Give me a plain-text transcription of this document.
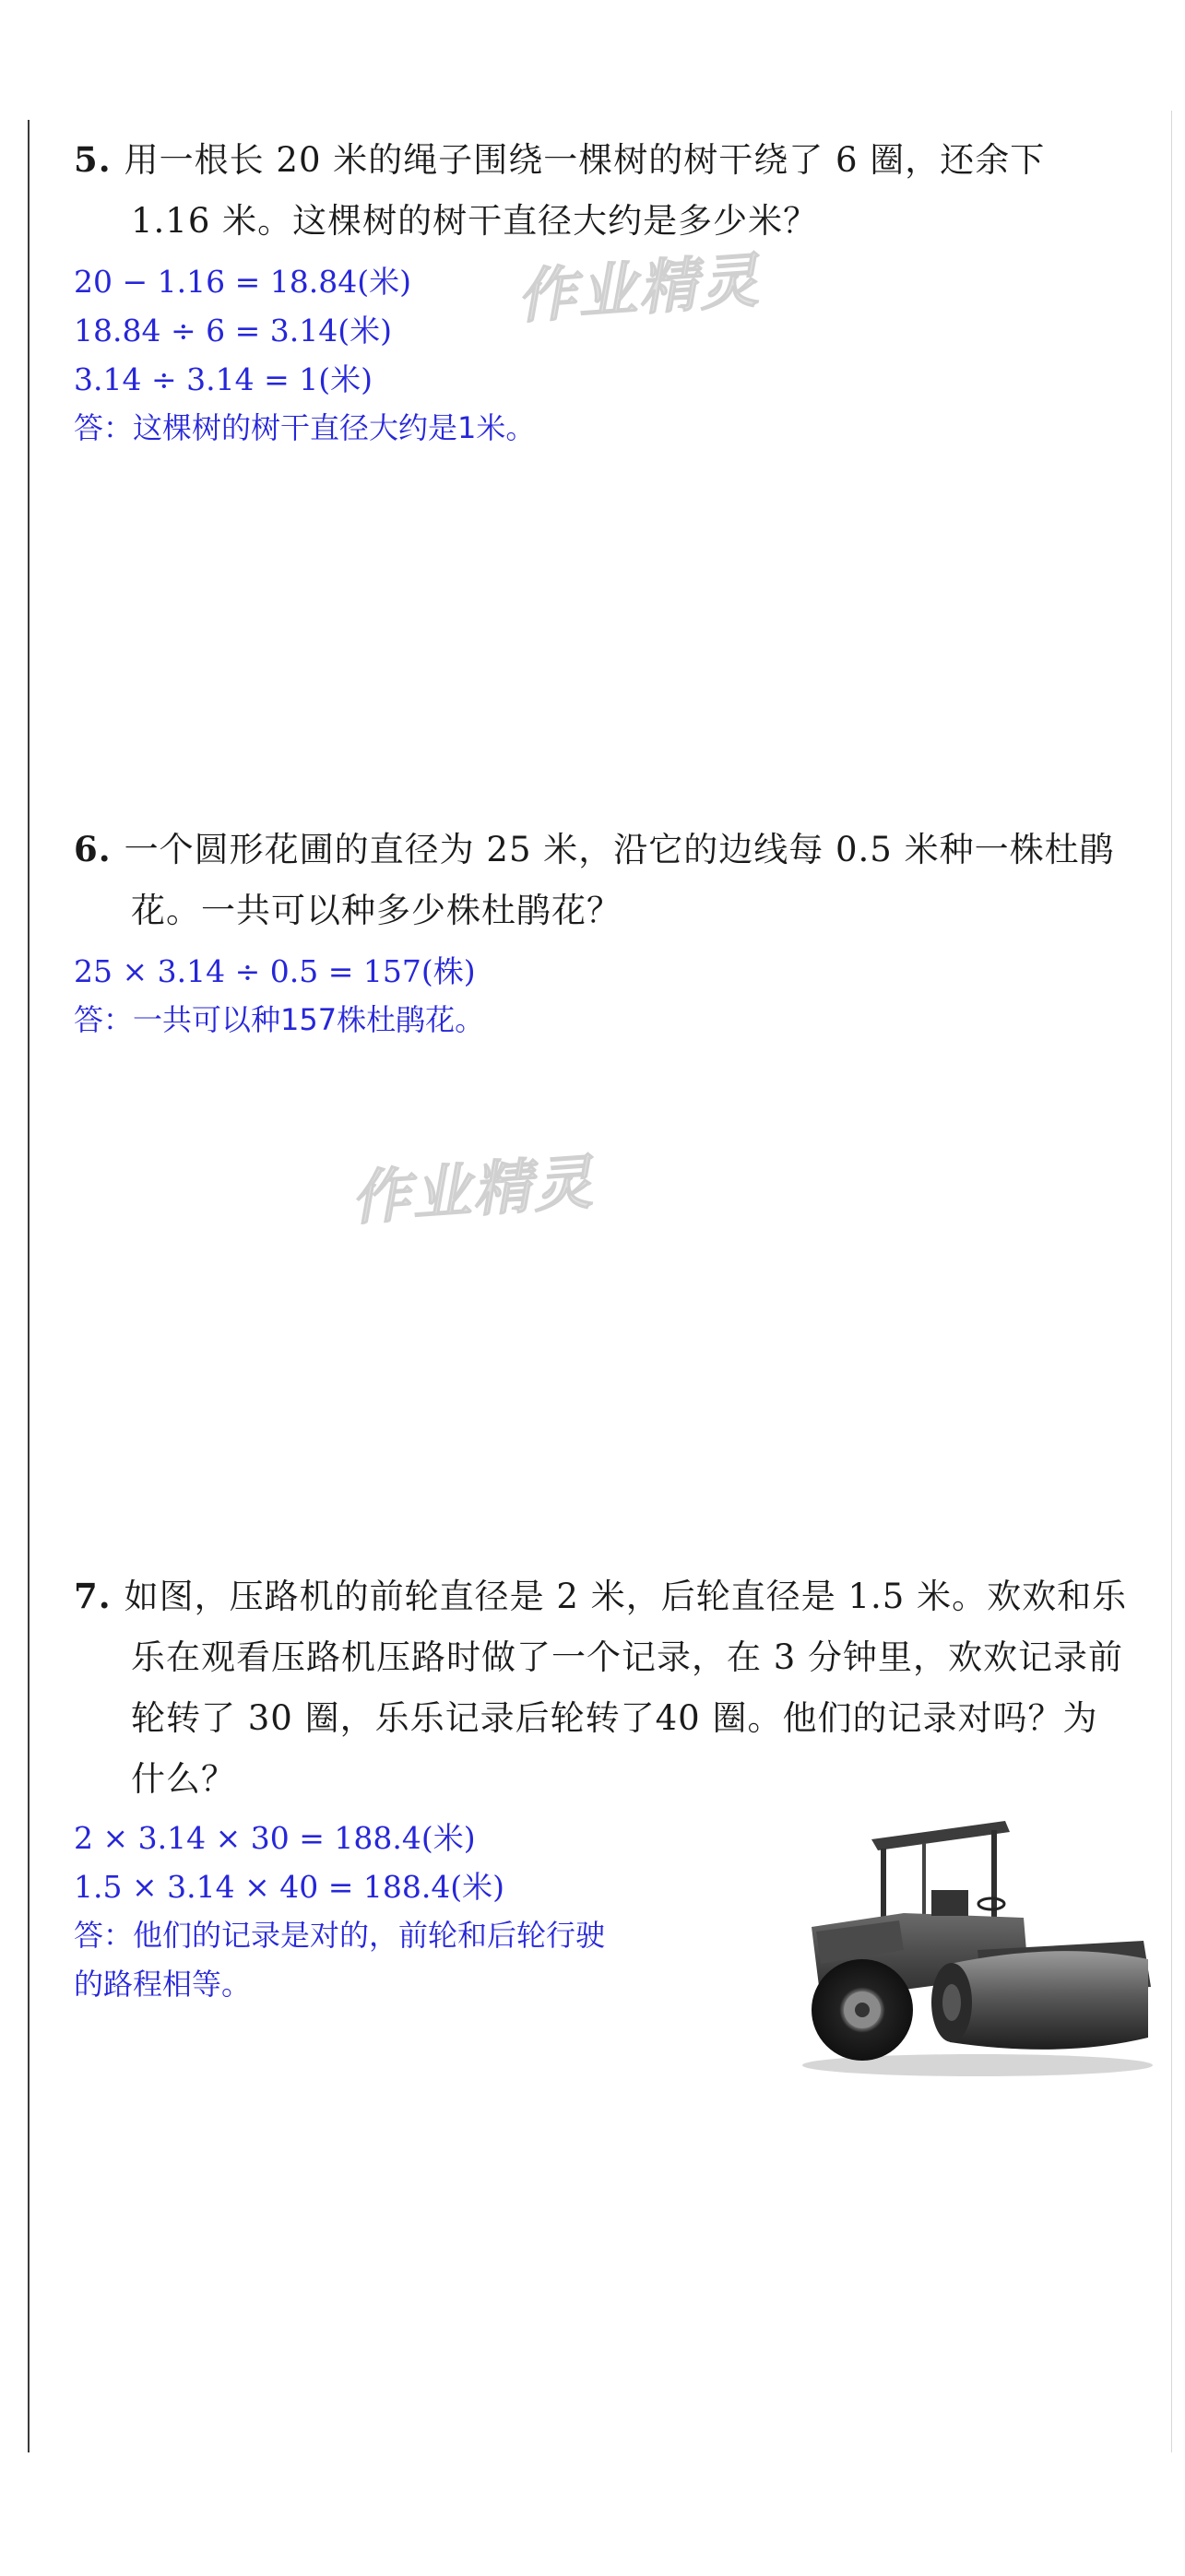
5. 用一根长 20 米的绳子围绕一棵树的树干绕了 6 圈，还余下
1.16 米。这棵树的树干直径大约是多少米？
20 − 1.16 = 18.84(米)
18.84 ÷ 6 = 3.14(米)
3.14 ÷ 3.14 = 1(米)
答：这棵树的树干直径大约是1米。
作业精灵
6. 一个圆形花圃的直径为 25 米，沿它的边线每 0.5 米种一株杜鹃
花。一共可以种多少株杜鹃花？
25 × 3.14 ÷ 0.5 = 157(株)
答：一共可以种157株杜鹃花。
作业精灵
7. 如图，压路机的前轮直径是 2 米，后轮直径是 1.5 米。欢欢和乐
乐在观看压路机压路时做了一个记录，在 3 分钟里，欢欢记录前
轮转了 30 圈，乐乐记录后轮转了40 圈。他们的记录对吗？为
什么？
2 × 3.14 × 30 = 188.4(米)
1.5 × 3.14 × 40 = 188.4(米)
答：他们的记录是对的，前轮和后轮行驶
的路程相等。
